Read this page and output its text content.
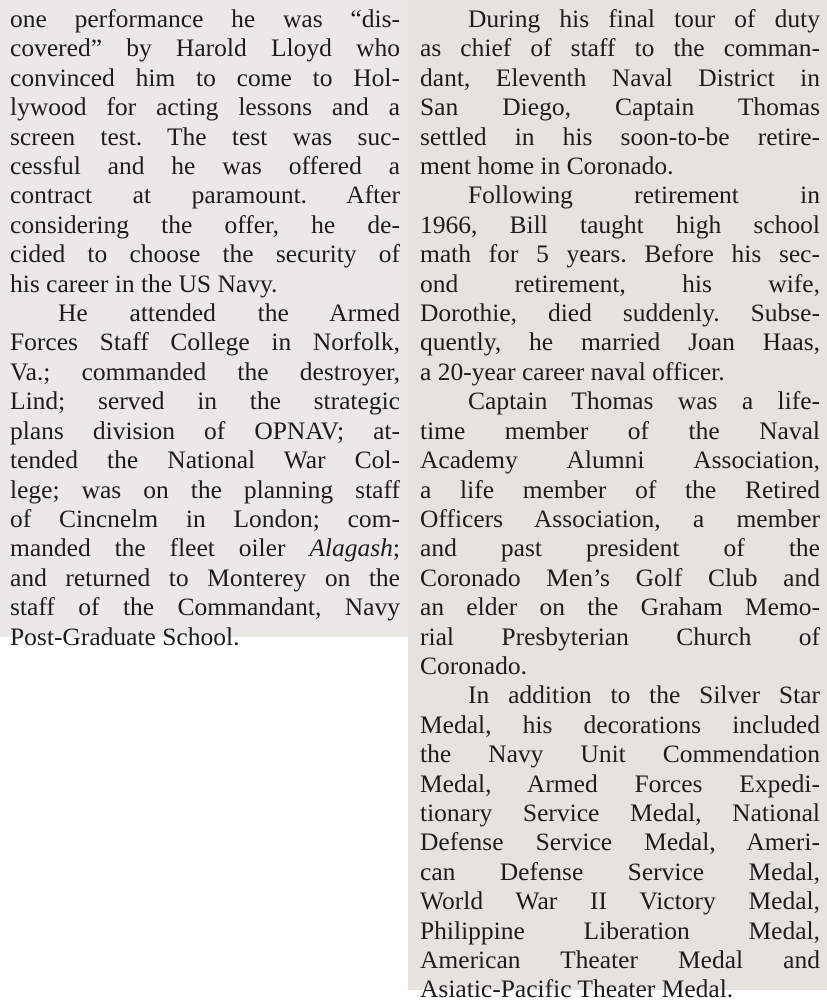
one performance he was “dis-
covered” by Harold Lloyd who
convinced him to come to Hol-
lywood for acting lessons and a
screen test. The test was suc-
cessful and he was offered a
contract at paramount. After
considering the offer, he de-
cided to choose the security of
his career in the US Navy.
He attended the Armed
Forces Staff College in Norfolk,
Va.; commanded the destroyer,
Lind; served in the strategic
plans division of OPNAV; at-
tended the National War Col-
lege; was on the planning staff
of Cincnelm in London; com-
manded the fleet oiler Alagash;
and returned to Monterey on the
staff of the Commandant, Navy
Post-Graduate School.
During his final tour of duty
as chief of staff to the comman-
dant, Eleventh Naval District in
San Diego, Captain Thomas
settled in his soon-to-be retire-
ment home in Coronado.
Following retirement in
1966, Bill taught high school
math for 5 years. Before his sec-
ond retirement, his wife,
Dorothie, died suddenly. Subse-
quently, he married Joan Haas,
a 20-year career naval officer.
Captain Thomas was a life-
time member of the Naval
Academy Alumni Association,
a life member of the Retired
Officers Association, a member
and past president of the
Coronado Men’s Golf Club and
an elder on the Graham Memo-
rial Presbyterian Church of
Coronado.
In addition to the Silver Star
Medal, his decorations included
the Navy Unit Commendation
Medal, Armed Forces Expedi-
tionary Service Medal, National
Defense Service Medal, Ameri-
can Defense Service Medal,
World War II Victory Medal,
Philippine Liberation Medal,
American Theater Medal and
Asiatic-Pacific Theater Medal.
